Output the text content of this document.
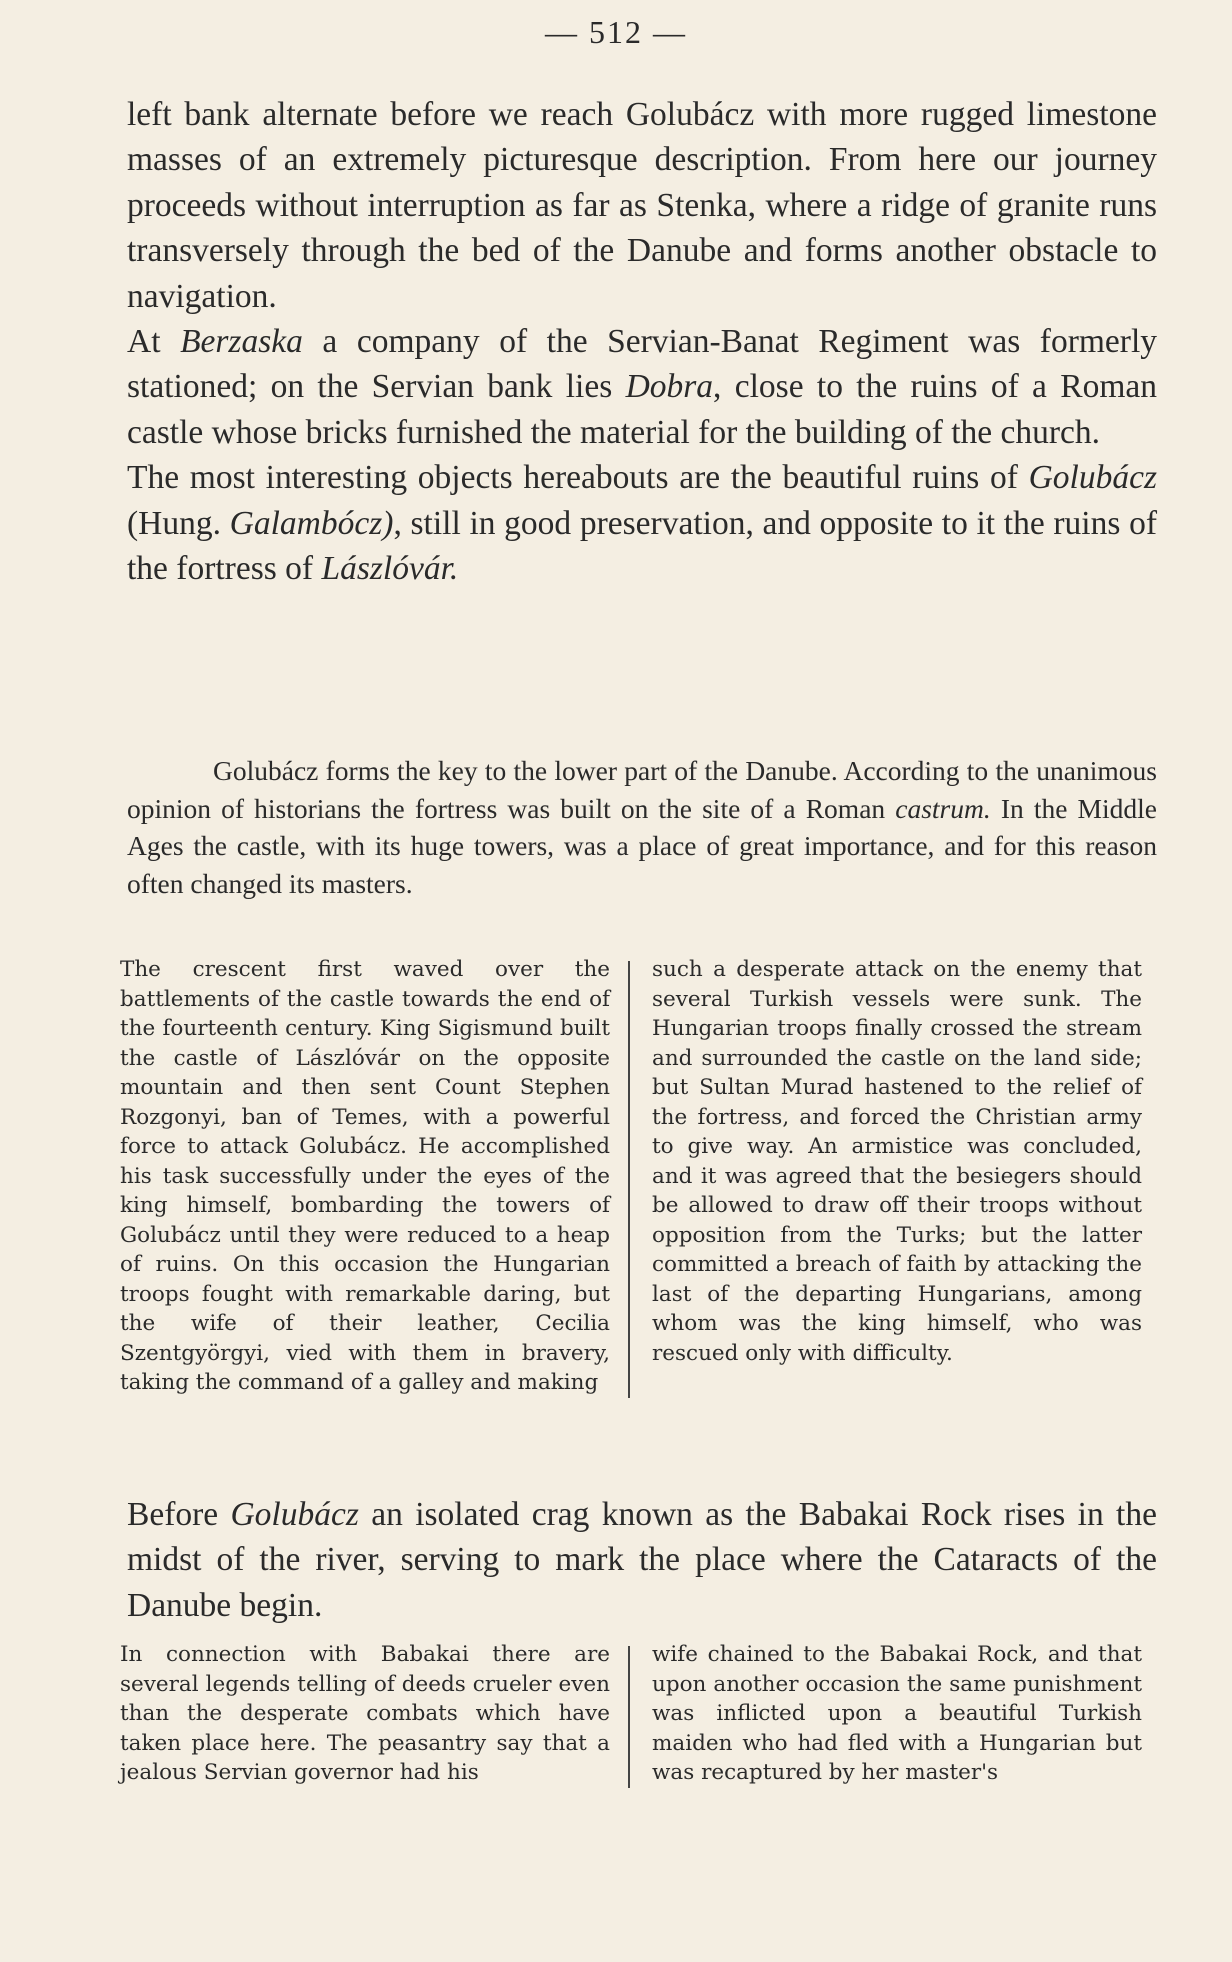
— 512 —

left bank alternate before we reach Golubácz with more rugged limestone masses of an extremely picturesque description. From here our journey proceeds without interruption as far as Stenka, where a ridge of granite runs transversely through the bed of the Danube and forms another obstacle to navigation.

At Berzaska a company of the Servian-Banat Regiment was formerly stationed; on the Servian bank lies Dobra, close to the ruins of a Roman castle whose bricks furnished the material for the building of the church.

The most interesting objects hereabouts are the beautiful ruins of Golubácz (Hung. Galambócz), still in good preservation, and opposite to it the ruins of the fortress of Lászlóvár.

Golubácz forms the key to the lower part of the Danube. According to the unanimous opinion of historians the fortress was built on the site of a Roman castrum. In the Middle Ages the castle, with its huge towers, was a place of great importance, and for this reason often changed its masters.

The crescent first waved over the battlements of the castle towards the end of the fourteenth century. King Sigismund built the castle of Lászlóvár on the opposite mountain and then sent Count Stephen Rozgonyi, ban of Temes, with a powerful force to attack Golubácz. He accomplished his task successfully under the eyes of the king himself, bombarding the towers of Golubácz until they were reduced to a heap of ruins. On this occasion the Hungarian troops fought with remarkable daring, but the wife of their leather, Cecilia Szentgyörgyi, vied with them in bravery, taking the command of a galley and making

such a desperate attack on the enemy that several Turkish vessels were sunk. The Hungarian troops finally crossed the stream and surrounded the castle on the land side; but Sultan Murad hastened to the relief of the fortress, and forced the Christian army to give way. An armistice was concluded, and it was agreed that the besiegers should be allowed to draw off their troops without opposition from the Turks; but the latter committed a breach of faith by attacking the last of the departing Hungarians, among whom was the king himself, who was rescued only with difficulty.

Before Golubácz an isolated crag known as the Babakai Rock rises in the midst of the river, serving to mark the place where the Cataracts of the Danube begin.

In connection with Babakai there are several legends telling of deeds crueler even than the desperate combats which have taken place here. The peasantry say that a jealous Servian governor had his

wife chained to the Babakai Rock, and that upon another occasion the same punishment was inflicted upon a beautiful Turkish maiden who had fled with a Hungarian but was recaptured by her master's
